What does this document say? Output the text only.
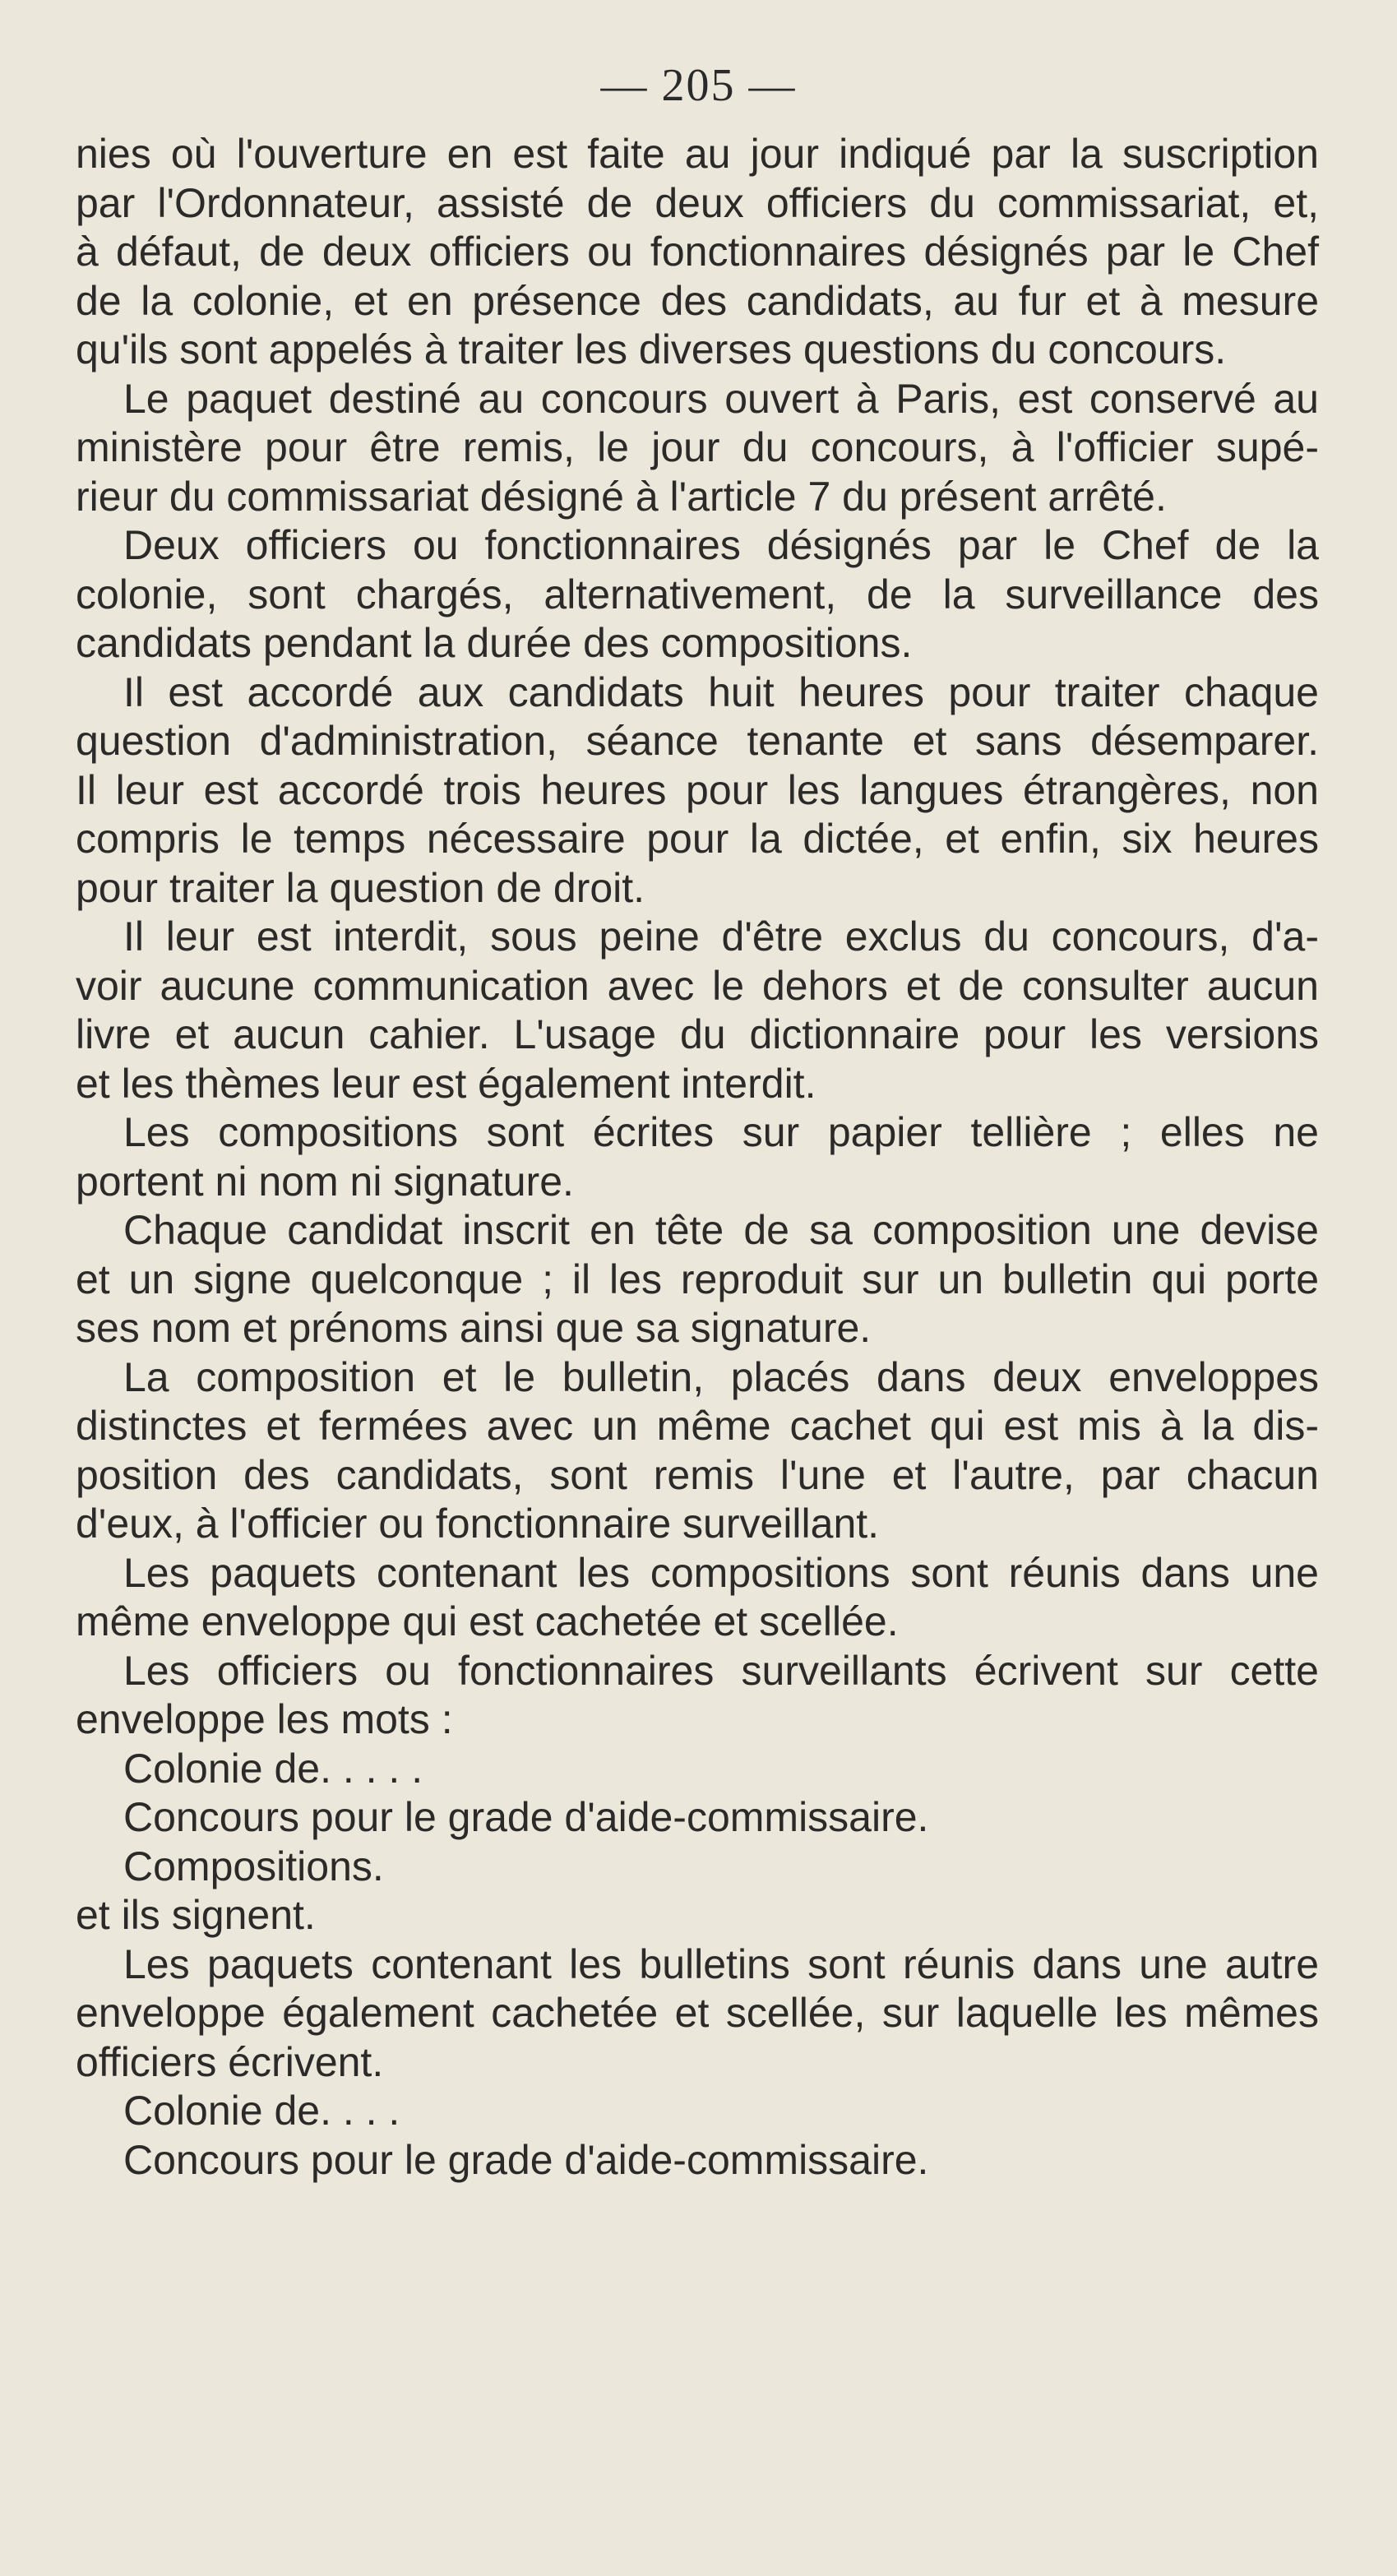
— 205 —
nies où l'ouverture en est faite au jour indiqué par la suscription
par l'Ordonnateur, assisté de deux officiers du commissariat, et,
à défaut, de deux officiers ou fonctionnaires désignés par le Chef
de la colonie, et en présence des candidats, au fur et à mesure
qu'ils sont appelés à traiter les diverses questions du concours.
Le paquet destiné au concours ouvert à Paris, est conservé au
ministère pour être remis, le jour du concours, à l'officier supé-
rieur du commissariat désigné à l'article 7 du présent arrêté.
Deux officiers ou fonctionnaires désignés par le Chef de la
colonie, sont chargés, alternativement, de la surveillance des
candidats pendant la durée des compositions.
Il est accordé aux candidats huit heures pour traiter chaque
question d'administration, séance tenante et sans désemparer.
Il leur est accordé trois heures pour les langues étrangères, non
compris le temps nécessaire pour la dictée, et enfin, six heures
pour traiter la question de droit.
Il leur est interdit, sous peine d'être exclus du concours, d'a-
voir aucune communication avec le dehors et de consulter aucun
livre et aucun cahier. L'usage du dictionnaire pour les versions
et les thèmes leur est également interdit.
Les compositions sont écrites sur papier tellière ; elles ne
portent ni nom ni signature.
Chaque candidat inscrit en tête de sa composition une devise
et un signe quelconque ; il les reproduit sur un bulletin qui porte
ses nom et prénoms ainsi que sa signature.
La composition et le bulletin, placés dans deux enveloppes
distinctes et fermées avec un même cachet qui est mis à la dis-
position des candidats, sont remis l'une et l'autre, par chacun
d'eux, à l'officier ou fonctionnaire surveillant.
Les paquets contenant les compositions sont réunis dans une
même enveloppe qui est cachetée et scellée.
Les officiers ou fonctionnaires surveillants écrivent sur cette
enveloppe les mots :
Colonie de. . . . .
Concours pour le grade d'aide-commissaire.
Compositions.
et ils signent.
Les paquets contenant les bulletins sont réunis dans une autre
enveloppe également cachetée et scellée, sur laquelle les mêmes
officiers écrivent.
Colonie de. . . .
Concours pour le grade d'aide-commissaire.
